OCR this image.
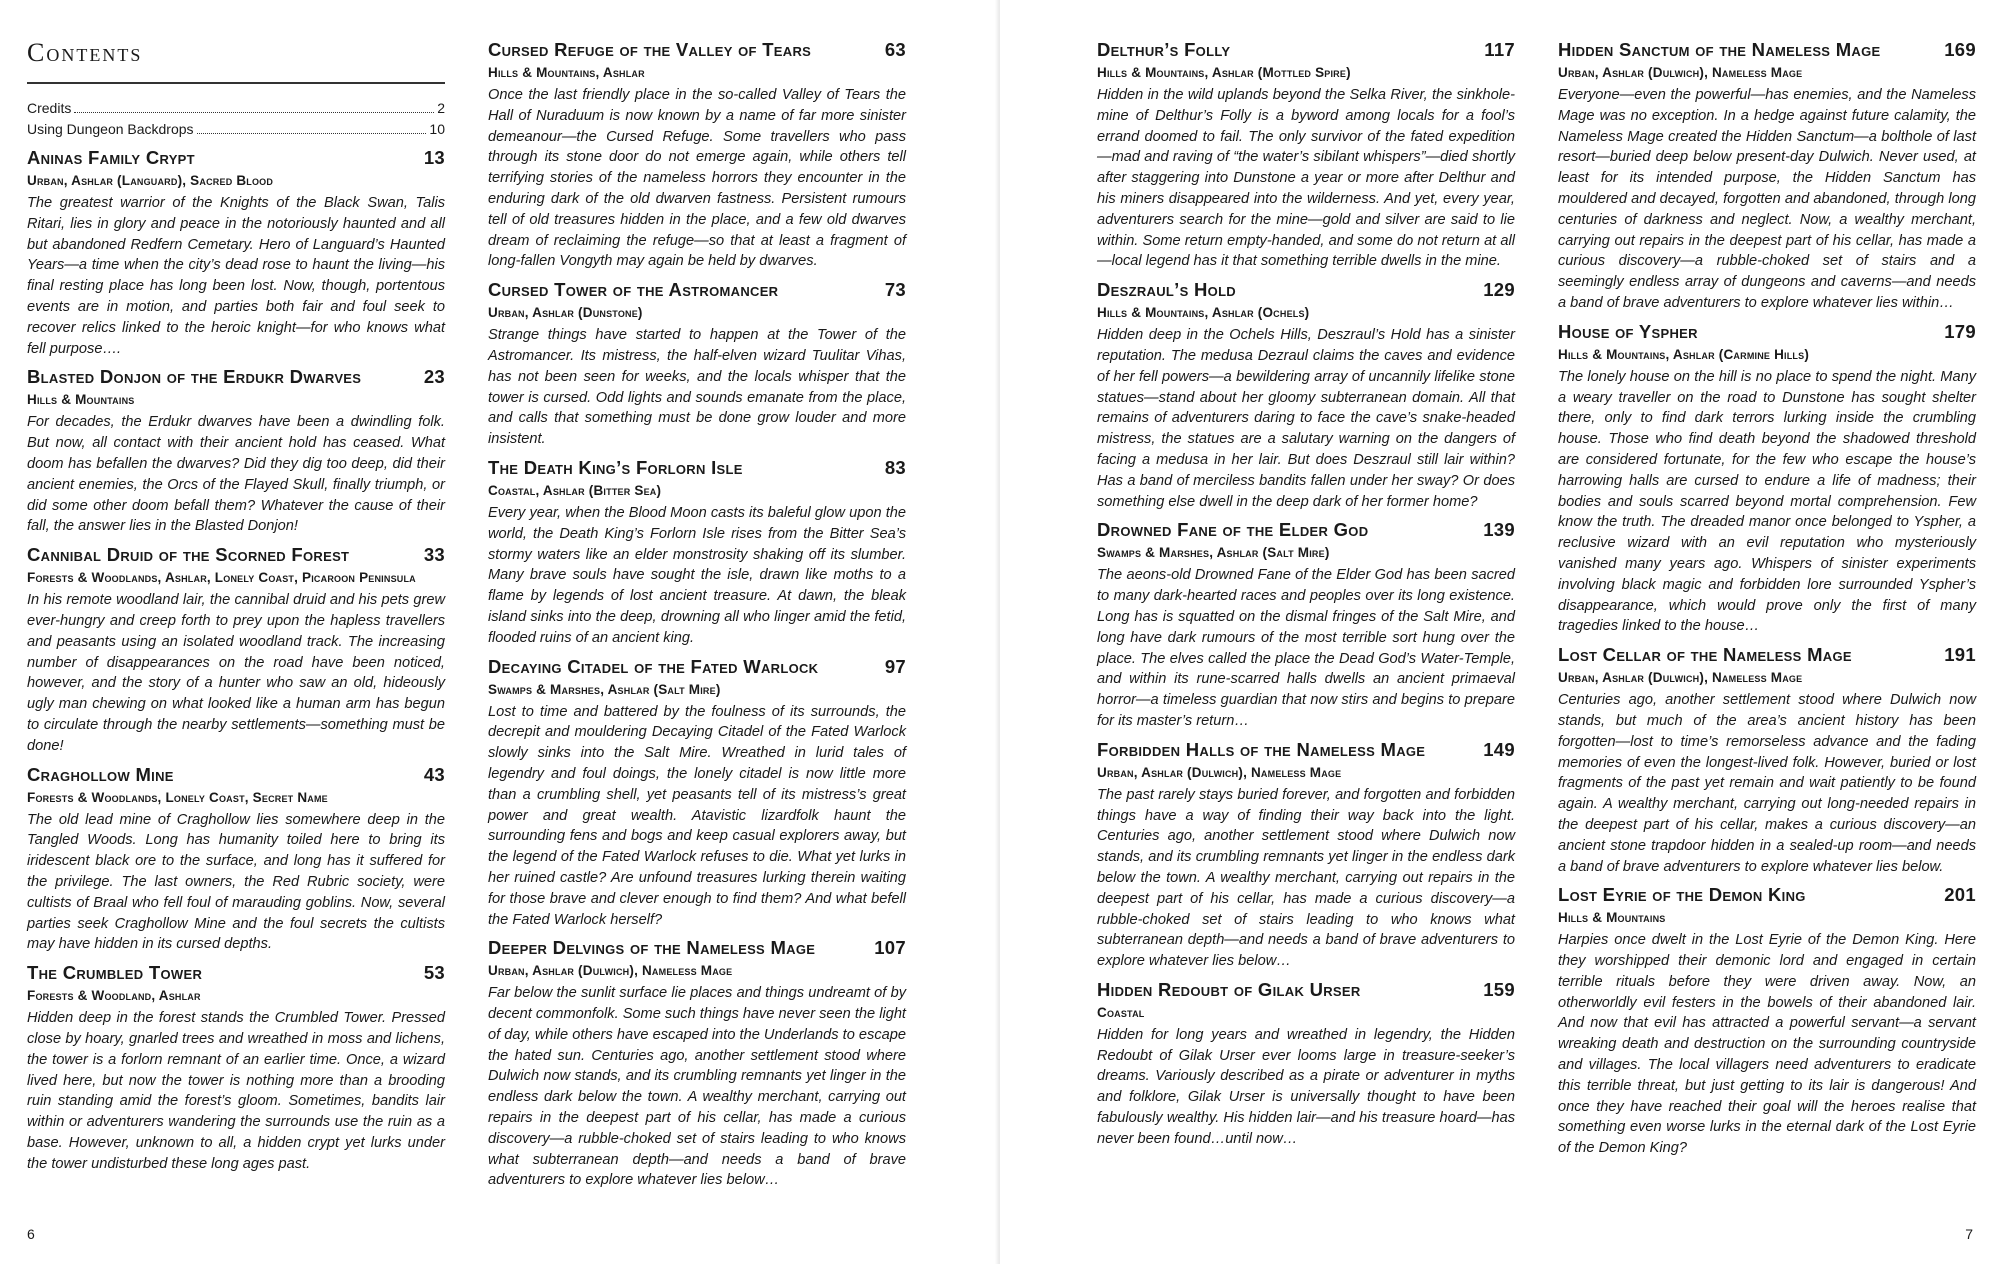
Contents
Credits	2
Using Dungeon Backdrops	10
Aninas Family Crypt	13
Urban, Ashlar (Languard), Sacred Blood

The greatest warrior of the Knights of the Black Swan, Talis Ritari, lies in glory and peace in the notoriously haunted and all but abandoned Redfern Cemetary. Hero of Languard’s Haunted Years—a time when the city’s dead rose to haunt the living—his final resting place has long been lost. Now, though, portentous events are in motion, and parties both fair and foul seek to recover relics linked to the heroic knight—for who knows what fell purpose….

Blasted Donjon of the Erdukr Dwarves	23
Hills & Mountains

For decades, the Erdukr dwarves have been a dwindling folk. But now, all contact with their ancient hold has ceased. What doom has befallen the dwarves? Did they dig too deep, did their ancient enemies, the Orcs of the Flayed Skull, finally triumph, or did some other doom befall them? Whatever the cause of their fall, the answer lies in the Blasted Donjon!

Cannibal Druid of the Scorned Forest	33
Forests & Woodlands, Ashlar, Lonely Coast, Picaroon Peninsula

In his remote woodland lair, the cannibal druid and his pets grew ever-hungry and creep forth to prey upon the hapless travellers and peasants using an isolated woodland track. The increasing number of disappearances on the road have been noticed, however, and the story of a hunter who saw an old, hideously ugly man chewing on what looked like a human arm has begun to circulate through the nearby settlements—something must be done!

Craghollow Mine	43
Forests & Woodlands, Lonely Coast, Secret Name

The old lead mine of Craghollow lies somewhere deep in the Tangled Woods. Long has humanity toiled here to bring its iridescent black ore to the surface, and long has it suffered for the privilege. The last owners, the Red Rubric society, were cultists of Braal who fell foul of marauding goblins. Now, several parties seek Craghollow Mine and the foul secrets the cultists may have hidden in its cursed depths.

The Crumbled Tower	53
Forests & Woodland, Ashlar

Hidden deep in the forest stands the Crumbled Tower. Pressed close by hoary, gnarled trees and wreathed in moss and lichens, the tower is a forlorn remnant of an earlier time. Once, a wizard lived here, but now the tower is nothing more than a brooding ruin standing amid the forest’s gloom. Sometimes, bandits lair within or adventurers wandering the surrounds use the ruin as a base. However, unknown to all, a hidden crypt yet lurks under the tower undisturbed these long ages past.

Cursed Refuge of the Valley of Tears	63
Hills & Mountains, Ashlar

Once the last friendly place in the so-called Valley of Tears the Hall of Nuraduum is now known by a name of far more sinister demeanour—the Cursed Refuge. Some travellers who pass through its stone door do not emerge again, while others tell terrifying stories of the nameless horrors they encounter in the enduring dark of the old dwarven fastness. Persistent rumours tell of old treasures hidden in the place, and a few old dwarves dream of reclaiming the refuge—so that at least a fragment of long-fallen Vongyth may again be held by dwarves.

Cursed Tower of the Astromancer	73
Urban, Ashlar (Dunstone)

Strange things have started to happen at the Tower of the Astromancer. Its mistress, the half-elven wizard Tuulitar Vihas, has not been seen for weeks, and the locals whisper that the tower is cursed. Odd lights and sounds emanate from the place, and calls that something must be done grow louder and more insistent.

The Death King’s Forlorn Isle	83
Coastal, Ashlar (Bitter Sea)

Every year, when the Blood Moon casts its baleful glow upon the world, the Death King’s Forlorn Isle rises from the Bitter Sea’s stormy waters like an elder monstrosity shaking off its slumber. Many brave souls have sought the isle, drawn like moths to a flame by legends of lost ancient treasure. At dawn, the bleak island sinks into the deep, drowning all who linger amid the fetid, flooded ruins of an ancient king.

Decaying Citadel of the Fated Warlock	97
Swamps & Marshes, Ashlar (Salt Mire)

Lost to time and battered by the foulness of its surrounds, the decrepit and mouldering Decaying Citadel of the Fated Warlock slowly sinks into the Salt Mire. Wreathed in lurid tales of legendry and foul doings, the lonely citadel is now little more than a crumbling shell, yet peasants tell of its mistress’s great power and great wealth. Atavistic lizardfolk haunt the surrounding fens and bogs and keep casual explorers away, but the legend of the Fated Warlock refuses to die. What yet lurks in her ruined castle? Are unfound treasures lurking therein waiting for those brave and clever enough to find them? And what befell the Fated Warlock herself?

Deeper Delvings of the Nameless Mage	107
Urban, Ashlar (Dulwich), Nameless Mage

Far below the sunlit surface lie places and things undreamt of by decent commonfolk. Some such things have never seen the light of day, while others have escaped into the Underlands to escape the hated sun. Centuries ago, another settlement stood where Dulwich now stands, and its crumbling remnants yet linger in the endless dark below the town. A wealthy merchant, carrying out repairs in the deepest part of his cellar, has made a curious discovery—a rubble-choked set of stairs leading to who knows what subterranean depth—and needs a band of brave adventurers to explore whatever lies below…

6	7
Delthur’s Folly	117
Hills & Mountains, Ashlar (Mottled Spire)

Hidden in the wild uplands beyond the Selka River, the sinkhole-mine of Delthur’s Folly is a byword among locals for a fool’s errand doomed to fail. The only survivor of the fated expedition—mad and raving of “the water’s sibilant whispers”—died shortly after staggering into Dunstone a year or more after Delthur and his miners disappeared into the wilderness. And yet, every year, adventurers search for the mine—gold and silver are said to lie within. Some return empty-handed, and some do not return at all—local legend has it that something terrible dwells in the mine.

Deszraul’s Hold	129
Hills & Mountains, Ashlar (Ochels)

Hidden deep in the Ochels Hills, Deszraul’s Hold has a sinister reputation. The medusa Dezraul claims the caves and evidence of her fell powers—a bewildering array of uncannily lifelike stone statues—stand about her gloomy subterranean domain. All that remains of adventurers daring to face the cave’s snake-headed mistress, the statues are a salutary warning on the dangers of facing a medusa in her lair. But does Deszraul still lair within? Has a band of merciless bandits fallen under her sway? Or does something else dwell in the deep dark of her former home?

Drowned Fane of the Elder God	139
Swamps & Marshes, Ashlar (Salt Mire)

The aeons-old Drowned Fane of the Elder God has been sacred to many dark-hearted races and peoples over its long existence. Long has is squatted on the dismal fringes of the Salt Mire, and long have dark rumours of the most terrible sort hung over the place. The elves called the place the Dead God’s Water-Temple, and within its rune-scarred halls dwells an ancient primaeval horror—a timeless guardian that now stirs and begins to prepare for its master’s return…

Forbidden Halls of the Nameless Mage	149
Urban, Ashlar (Dulwich), Nameless Mage

The past rarely stays buried forever, and forgotten and forbidden things have a way of finding their way back into the light. Centuries ago, another settlement stood where Dulwich now stands, and its crumbling remnants yet linger in the endless dark below the town. A wealthy merchant, carrying out repairs in the deepest part of his cellar, has made a curious discovery—a rubble-choked set of stairs leading to who knows what subterranean depth—and needs a band of brave adventurers to explore whatever lies below…

Hidden Redoubt of Gilak Urser	159
Coastal

Hidden for long years and wreathed in legendry, the Hidden Redoubt of Gilak Urser ever looms large in treasure-seeker’s dreams. Variously described as a pirate or adventurer in myths and folklore, Gilak Urser is universally thought to have been fabulously wealthy. His hidden lair—and his treasure hoard—has never been found…until now…

Hidden Sanctum of the Nameless Mage	169
Urban, Ashlar (Dulwich), Nameless Mage

Everyone—even the powerful—has enemies, and the Nameless Mage was no exception. In a hedge against future calamity, the Nameless Mage created the Hidden Sanctum—a bolthole of last resort—buried deep below present-day Dulwich. Never used, at least for its intended purpose, the Hidden Sanctum has mouldered and decayed, forgotten and abandoned, through long centuries of darkness and neglect. Now, a wealthy merchant, carrying out repairs in the deepest part of his cellar, has made a curious discovery—a rubble-choked set of stairs and a seemingly endless array of dungeons and caverns—and needs a band of brave adventurers to explore whatever lies within…

House of Yspher	179
Hills & Mountains, Ashlar (Carmine Hills)

The lonely house on the hill is no place to spend the night. Many a weary traveller on the road to Dunstone has sought shelter there, only to find dark terrors lurking inside the crumbling house. Those who find death beyond the shadowed threshold are considered fortunate, for the few who escape the house’s harrowing halls are cursed to endure a life of madness; their bodies and souls scarred beyond mortal comprehension. Few know the truth. The dreaded manor once belonged to Yspher, a reclusive wizard with an evil reputation who mysteriously vanished many years ago. Whispers of sinister experiments involving black magic and forbidden lore surrounded Yspher’s disappearance, which would prove only the first of many tragedies linked to the house…

Lost Cellar of the Nameless Mage	191
Urban, Ashlar (Dulwich), Nameless Mage

Centuries ago, another settlement stood where Dulwich now stands, but much of the area’s ancient history has been forgotten—lost to time’s remorseless advance and the fading memories of even the longest-lived folk. However, buried or lost fragments of the past yet remain and wait patiently to be found again. A wealthy merchant, carrying out long-needed repairs in the deepest part of his cellar, makes a curious discovery—an ancient stone trapdoor hidden in a sealed-up room—and needs a band of brave adventurers to explore whatever lies below.

Lost Eyrie of the Demon King	201
Hills & Mountains

Harpies once dwelt in the Lost Eyrie of the Demon King. Here they worshipped their demonic lord and engaged in certain terrible rituals before they were driven away. Now, an otherworldly evil festers in the bowels of their abandoned lair. And now that evil has attracted a powerful servant—a servant wreaking death and destruction on the surrounding countryside and villages. The local villagers need adventurers to eradicate this terrible threat, but just getting to its lair is dangerous! And once they have reached their goal will the heroes realise that something even worse lurks in the eternal dark of the Lost Eyrie of the Demon King?
